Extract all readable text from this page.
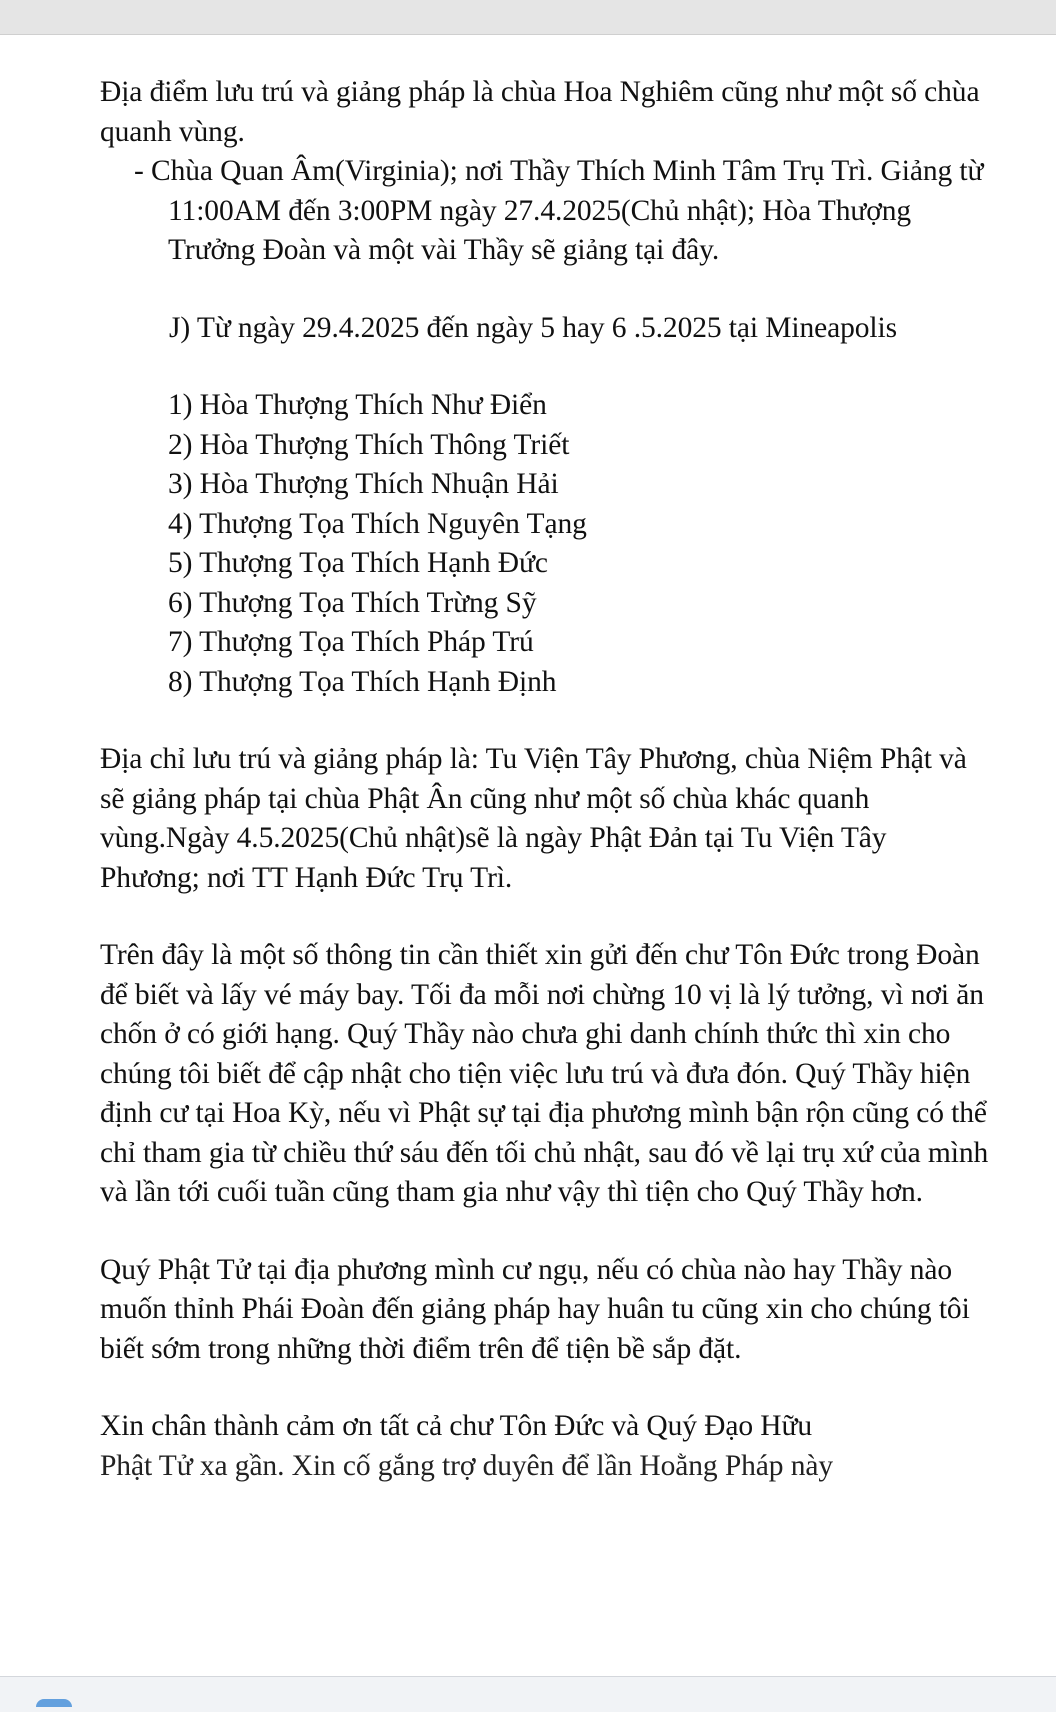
Địa điểm lưu trú và giảng pháp là chùa Hoa Nghiêm cũng như một số chùa quanh vùng.

- Chùa Quan Âm(Virginia); nơi Thầy Thích Minh Tâm Trụ Trì. Giảng từ 11:00AM đến 3:00PM ngày 27.4.2025(Chủ nhật); Hòa Thượng Trưởng Đoàn và một vài Thầy sẽ giảng tại đây.

J) Từ ngày 29.4.2025 đến ngày 5 hay 6 .5.2025 tại Mineapolis

1) Hòa Thượng Thích Như Điển
2) Hòa Thượng Thích Thông Triết
3) Hòa Thượng Thích Nhuận Hải
4) Thượng Tọa Thích Nguyên Tạng
5) Thượng Tọa Thích Hạnh Đức
6) Thượng Tọa Thích Trừng Sỹ
7) Thượng Tọa Thích Pháp Trú
8) Thượng Tọa Thích Hạnh Định

Địa chỉ lưu trú và giảng pháp là: Tu Viện Tây Phương, chùa Niệm Phật và sẽ giảng pháp tại chùa Phật Ân cũng như một số chùa khác quanh vùng.Ngày 4.5.2025(Chủ nhật)sẽ là ngày Phật Đản tại Tu Viện Tây Phương; nơi TT Hạnh Đức Trụ Trì.

Trên đây là một số thông tin cần thiết xin gửi đến chư Tôn Đức trong Đoàn để biết và lấy vé máy bay. Tối đa mỗi nơi chừng 10 vị là lý tưởng, vì nơi ăn chốn ở có giới hạng. Quý Thầy nào chưa ghi danh chính thức thì xin cho chúng tôi biết để cập nhật cho tiện việc lưu trú và đưa đón. Quý Thầy hiện định cư tại Hoa Kỳ, nếu vì Phật sự tại địa phương mình bận rộn cũng có thể chỉ tham gia từ chiều thứ sáu đến tối chủ nhật, sau đó về lại trụ xứ của mình và lần tới cuối tuần cũng tham gia như vậy thì tiện cho Quý Thầy hơn.

Quý Phật Tử tại địa phương mình cư ngụ, nếu có chùa nào hay Thầy nào muốn thỉnh Phái Đoàn đến giảng pháp hay huân tu cũng xin cho chúng tôi biết sớm trong những thời điểm trên để tiện bề sắp đặt.

Xin chân thành cảm ơn tất cả chư Tôn Đức và Quý Đạo Hữu

Phật Tử xa gần. Xin cố gắng trợ duyên để lần Hoằng Pháp này
